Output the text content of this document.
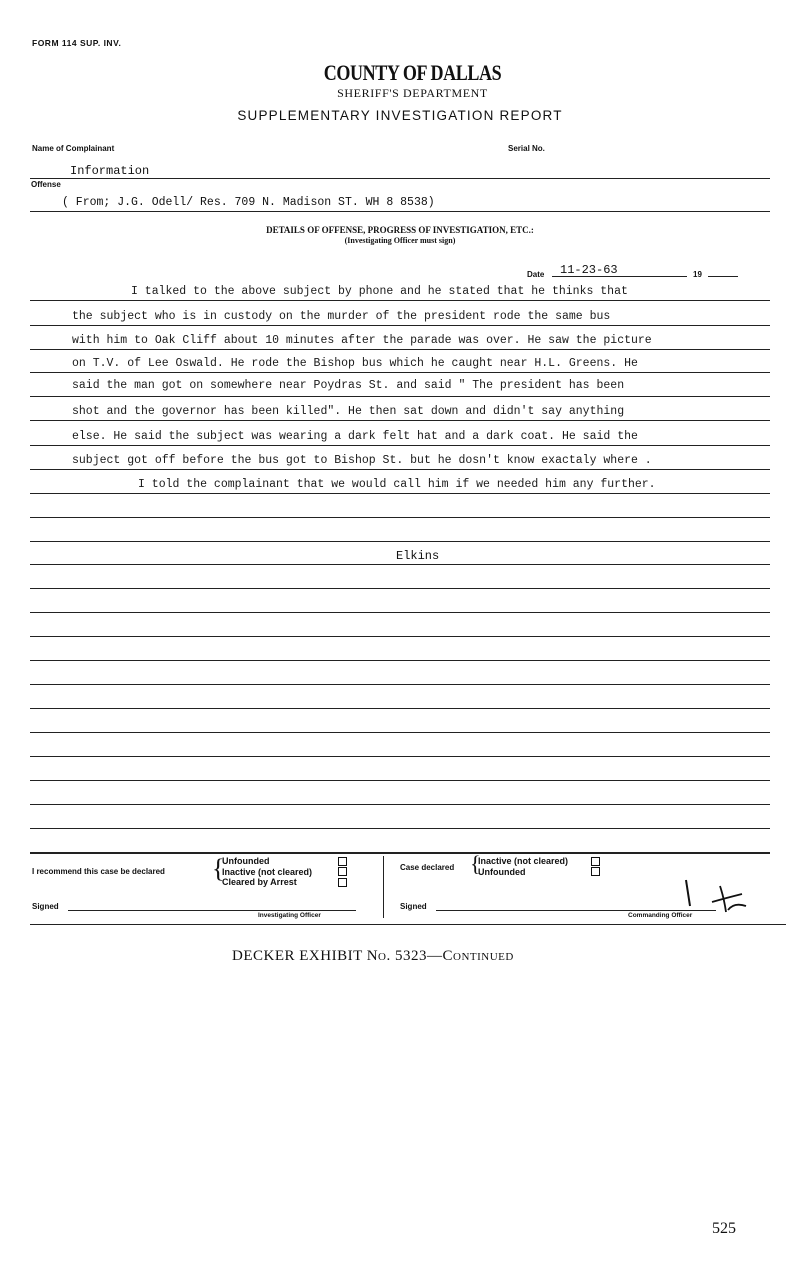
FORM 114 SUP. INV.
COUNTY OF DALLAS
SHERIFF'S DEPARTMENT
SUPPLEMENTARY INVESTIGATION REPORT
Name of Complainant	Serial No.
Information
Offense
( From; J.G. Odell/ Res. 709 N. Madison ST. WH 8 8538)
DETAILS OF OFFENSE, PROGRESS OF INVESTIGATION, ETC.:
(Investigating Officer must sign)
Date 11-23-63	19
I talked to the above subject by phone and he stated that he thinks that
the subject who is in custody on the murder of the president rode the same bus
with him to Oak Cliff about 10 minutes after the parade was over. He saw the picture
on T.V. of Lee Oswald. He rode the Bishop bus which he caught near H.L. Greens. He
said the man got on somewhere near Poydras St. and said " The president has been
shot and the governor has been killed". He then sat down and didn't say anything
else. He said the subject was wearing a dark felt hat and a dark coat. He said the
subject got off before the bus got to Bishop St. but he dosn't know exactaly where .
I told the complainant that we would call him if we needed him any further.
Elkins
I recommend this case be declared {
Unfounded
Inactive (not cleared)
Cleared by Arrest
Case declared {
Inactive (not cleared)
Unfounded
Signed
Investigating Officer
Signed
Commanding Officer
DECKER EXHIBIT No. 5323—Continued
525
